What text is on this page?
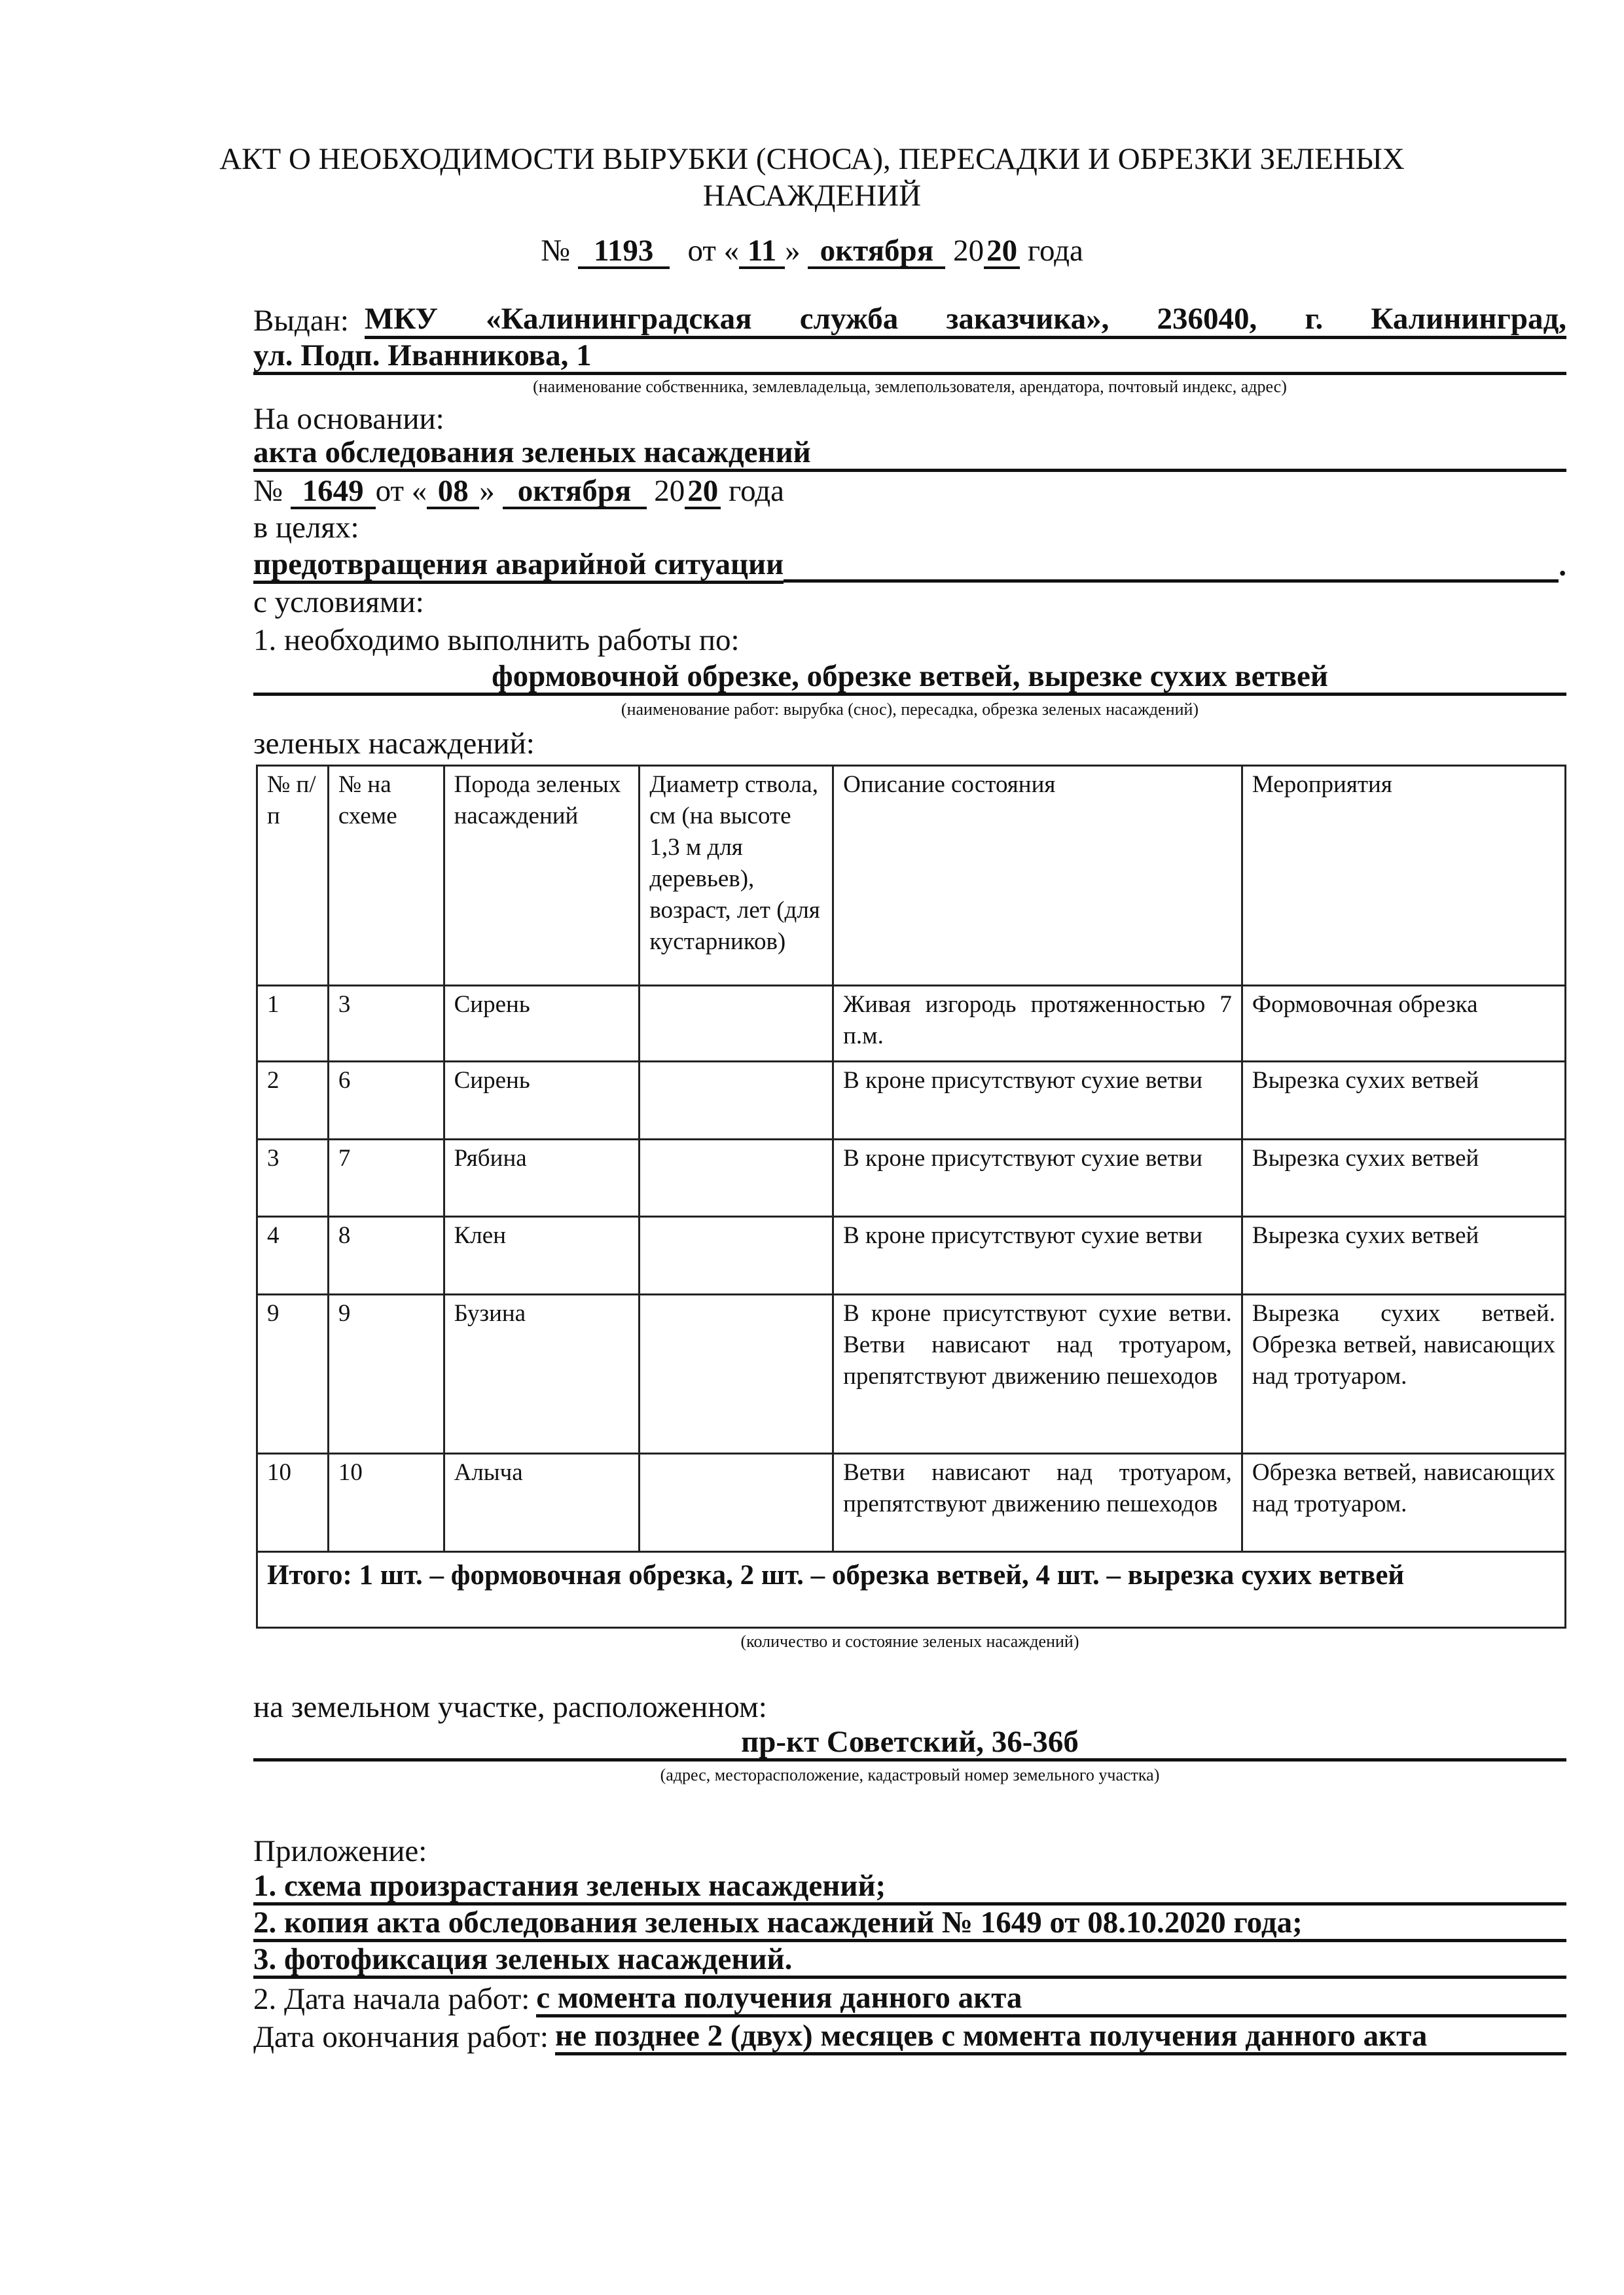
АКТ О НЕОБХОДИМОСТИ ВЫРУБКИ (СНОСА), ПЕРЕСАДКИ И ОБРЕЗКИ ЗЕЛЕНЫХ
НАСАЖДЕНИЙ
№ 1193 от « 11 » октября 2020 года
Выдан: МКУ «Калининградская служба заказчика», 236040, г. Калининград,
ул. Подп. Иванникова, 1
(наименование собственника, землевладельца, землепользователя, арендатора, почтовый индекс, адрес)
На основании:
акта обследования зеленых насаждений
№ 1649 от « 08 » октября 2020 года
в целях:
предотвращения аварийной ситуации	.
с условиями:
1. необходимо выполнить работы по:
формовочной обрезке, обрезке ветвей, вырезке сухих ветвей
(наименование работ: вырубка (снос), пересадка, обрезка зеленых насаждений)
зеленых насаждений:
№ п/п	№ на схеме	Порода зеленых насаждений	Диаметр ствола, см (на высоте 1,3 м для деревьев), возраст, лет (для кустарников)	Описание состояния	Мероприятия
1	3	Сирень		Живая изгородь протяженностью 7 п.м.	Формовочная обрезка
2	6	Сирень		В кроне присутствуют сухие ветви	Вырезка сухих ветвей
3	7	Рябина		В кроне присутствуют сухие ветви	Вырезка сухих ветвей
4	8	Клен		В кроне присутствуют сухие ветви	Вырезка сухих ветвей
9	9	Бузина		В кроне присутствуют сухие ветви. Ветви нависают над тротуаром, препятствуют движению пешеходов	Вырезка сухих ветвей. Обрезка ветвей, нависающих над тротуаром.
10	10	Алыча		Ветви нависают над тротуаром, препятствуют движению пешеходов	Обрезка ветвей, нависающих над тротуаром.
Итого: 1 шт. – формовочная обрезка, 2 шт. – обрезка ветвей, 4 шт. – вырезка сухих ветвей					
(количество и состояние зеленых насаждений)
на земельном участке, расположенном:
пр-кт Советский, 36-36б
(адрес, месторасположение, кадастровый номер земельного участка)
Приложение:
1. схема произрастания зеленых насаждений;
2. копия акта обследования зеленых насаждений № 1649 от 08.10.2020 года;
3. фотофиксация зеленых насаждений.
2. Дата начала работ: с момента получения данного акта
Дата окончания работ: не позднее 2 (двух) месяцев с момента получения данного акта
